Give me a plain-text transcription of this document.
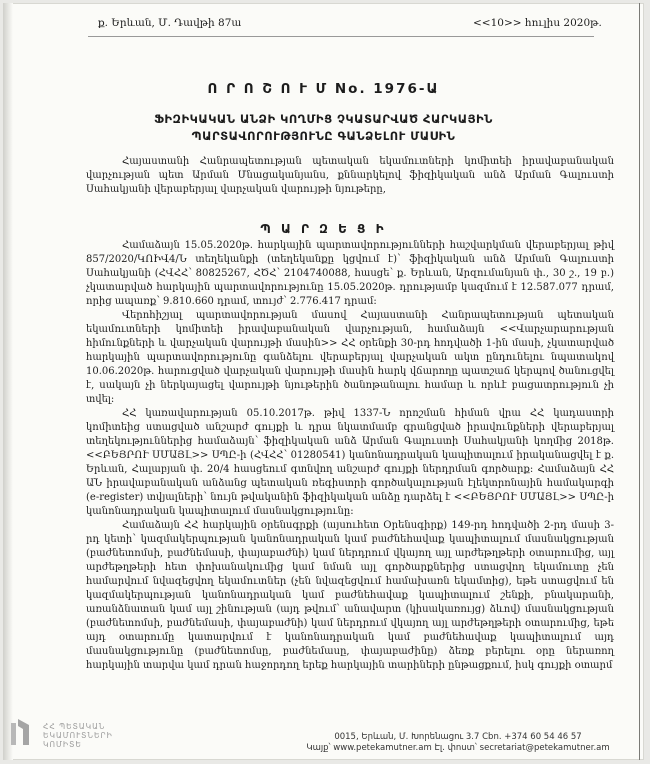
ք. Երևան, Մ. Դավթի 87ա	<<10>> հուլիս 2020թ.
Ո Ր Ո Շ Ո Ւ Մ No. 1976-Ա
ՖԻԶԻԿԱԿԱՆ ԱՆՁԻ ԿՈՂՄԻՑ ՉԿԱՏԱՐՎԱԾ ՀԱՐԿԱՅԻՆ
ՊԱՐՏԱՎՈՐՈՒԹՅՈՒՆԸ ԳԱՆՁԵԼՈՒ ՄԱՍԻՆ

Հայաստանի Հանրապետության պետական եկամուտների կոմիտեի իրավաբանական վարչության պետ Արման Մնացականյանս, քննարկելով ֆիզիկական անձ Արման Գալուստի Սահակյանի վերաբերյալ վարչական վարույթի նյութերը,

Պ Ա Ր Զ Ե Ց Ի

Համաձայն 15.05.2020թ. հարկային պարտավորությունների հաշվարկման վերաբերյալ թիվ 857/2020/ԿՈԻՎ4/Ն տեղեկանքի (տեղեկանքը կցվում է)՝ ֆիզիկական անձ Արման Գալուստի Սահակյանի (ՀՎՀՀ՝ 80825267, ՀԾՀ՝ 2104740088, հասցե՝ ք. Երևան, Արզումանյան փ., 30 շ., 19 բ.) չկատարված հարկային պարտավորությունը 15.05.2020թ. դրությամբ կազմում է 12.587.077 դրամ, որից ապառք՝ 9.810.660 դրամ, տույժ՝ 2.776.417 դրամ:

Վերոհիշյալ պարտավորության մասով Հայաստանի Հանրապետության պետական եկամուտների կոմիտեի իրավաբանական վարչության, համաձայն <<Վարչարարության հիմունքների և վարչական վարույթի մասին>> ՀՀ օրենքի 30-րդ հոդվածի 1-ին մասի, չկատարված հարկային պարտավորությունը գանձելու վերաբերյալ վարչական ակտ ընդունելու նպատակով 10.06.2020թ. հարուցված վարչական վարույթի մասին հարկ վճարողը պատշաճ կերպով ծանուցվել է, սակայն չի ներկայացել վարույթի նյութերին ծանոթանալու համար և որևէ բացատրություն չի տվել:

ՀՀ կառավարության 05.10.2017թ. թիվ 1337-Ն որոշման հիման վրա ՀՀ կադաստրի կոմիտեից ստացված անշարժ գույքի և դրա նկատմամբ գրանցված իրավունքների վերաբերյալ տեղեկություններից համաձայն՝ ֆիզիկական անձ Արման Գալուստի Սահակյանի կողմից 2018թ. <<ԲԵՅՐՈՒ ՍՄԱՅԼ>> ՍՊԸ-ի (ՀՎՀՀ՝ 01280541) կանոնադրական կապիտալում իրականացվել է ք. Երևան, Հալաբյան փ. 20/4 հասցեում գտնվող անշարժ գույքի ներդրման գործարք: Համաձայն ՀՀ ԱՆ իրավաբանական անձանց պետական ռեգիստրի գործակալության էլեկտրոնային համակարգի (e-register) տվյալների՝ նույն թվականին ֆիզիկական անձը դարձել է <<ԲԵՅՐՈՒ ՍՄԱՅԼ>> ՍՊԸ-ի կանոնադրական կապիտալում մասնակցությունը:

Համաձայն ՀՀ հարկային օրենսգրքի (այսուհետ Օրենսգիրք) 149-րդ հոդվածի 2-րդ մասի 3-րդ կետի՝ կազմակերպության կանոնադրական կամ բաժնեհավաք կապիտալում մասնակցության (բաժնետոմսի, բաժնեմասի, փայաբաժնի) կամ ներդրում վկայող այլ արժեթղթերի օտարումից, այլ արժեթղթերի հետ փոխանակումից կամ նման այլ գործարքներից ստացվող եկամուտը չեն համարվում նվազեցվող եկամուտներ (չեն նվազեցվում համախառն եկամտից), եթե ստացվում են կազմակերպության կանոնադրական կամ բաժնեհավաք կապիտալում շենքի, բնակարանի, առանձնատան կամ այլ շինության (այդ թվում՝ անավարտ (կիսակառույց) ձևով) մասնակցության (բաժնետոմսի, բաժնեմասի, փայաբաժնի) կամ ներդրում վկայող այլ արժեթղթերի օտարումից, եթե այդ օտարումը կատարվում է կանոնադրական կամ բաժնեհավաք կապիտալում այդ մասնակցությունը (բաժնետոմսը, բաժնեմասը, փայաբաժինը) ձեռք բերելու օրը ներառող հարկային տարվա կամ դրան հաջորդող երեք հարկային տարիների ընթացքում, իսկ գույքի օտարմ

ՀՀ ՊԵՏԱԿԱՆ
ԵԿԱՄՈՒՏՆԵՐԻ
ԿՈՄԻՏԵ
0015, Երևան, Մ. Խորենացու 3.7 Cbn. +374 60 54 46 57
Կայք՝ www.petekamutner.am Էլ. փոստ՝ secretariat@petekamutner.am
